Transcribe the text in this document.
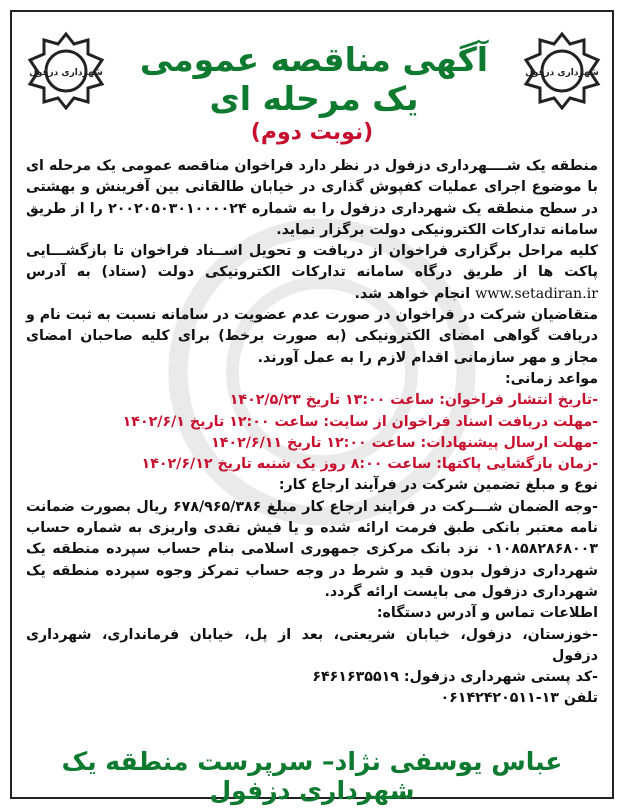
شهرداری دزفول	آگهی مناقصه عمومی یک مرحله ای
شهرداری دزفول
(نوبت دوم)

منطقه یک شــــهرداری دزفول در نظر دارد فراخوان مناقصه عمومی یک مرحله ای با موضوع اجرای عملیات کفپوش گذاری در خیابان طالقانی بین آفرینش و بهشتی در سطح منطقه یک شهرداری دزفول را به شماره ۲۰۰۲۰۵۰۳۰۱۰۰۰۰۲۴ را از طریق سامانه تدارکات الکترونیکی دولت برگزار نماید.

کلیه مراحل برگزاری فراخوان از دریافت و تحویل اســناد فراخوان تا بازگشـــایی پاکت ها از طریق درگاه سامانه تدارکات الکترونیکی دولت (ستاد) به آدرس www.setadiran.ir انجام خواهد شد.

متقاضیان شرکت در فراخوان در صورت عدم عضویت در سامانه نسبت به ثبت نام و دریافت گواهی امضای الکترونیکی (به صورت برخط) برای کلیه صاحبان امضای مجاز و مهر سازمانی اقدام لازم را به عمل آورند.

مواعد زمانی:

-تاریخ انتشار فراخوان: ساعت ۱۳:۰۰ تاریخ ۱۴۰۲/۵/۲۳

-مهلت دریافت اسناد فراخوان از سایت: ساعت ۱۲:۰۰ تاریخ ۱۴۰۲/۶/۱

-مهلت ارسال پیشنهادات: ساعت ۱۲:۰۰ تاریخ ۱۴۰۲/۶/۱۱

-زمان بازگشایی پاکتها: ساعت ۸:۰۰ روز یک شنبه تاریخ ۱۴۰۲/۶/۱۲

نوع و مبلغ تضمین شرکت در فرآیند ارجاع کار:

-وجه الضمان شـــرکت در فرایند ارجاع کار مبلغ ۶۷۸/۹۶۵/۳۸۶ ریال بصورت ضمانت نامه معتبر بانکی طبق فرمت ارائه شده و یا فیش نقدی واریزی به شماره حساب ۰۱۰۸۵۸۲۸۶۸۰۰۳ نزد بانک مرکزی جمهوری اسلامی بنام حساب سپرده منطقه یک شهرداری دزفول بدون قید و شرط در وجه حساب تمرکز وجوه سپرده منطقه یک شهرداری دزفول می بایست ارائه گردد.

اطلاعات تماس و آدرس دستگاه:

-خوزستان، دزفول، خیابان شریعتی، بعد از پل، خیابان فرمانداری، شهرداری دزفول

-کد پستی شهرداری دزفول: ۶۴۶۱۶۳۵۵۱۹

تلفن ۱۳-۰۶۱۴۲۴۲۰۵۱۱

عباس یوسفی نژاد– سرپرست منطقه یک شهرداری دزفول
